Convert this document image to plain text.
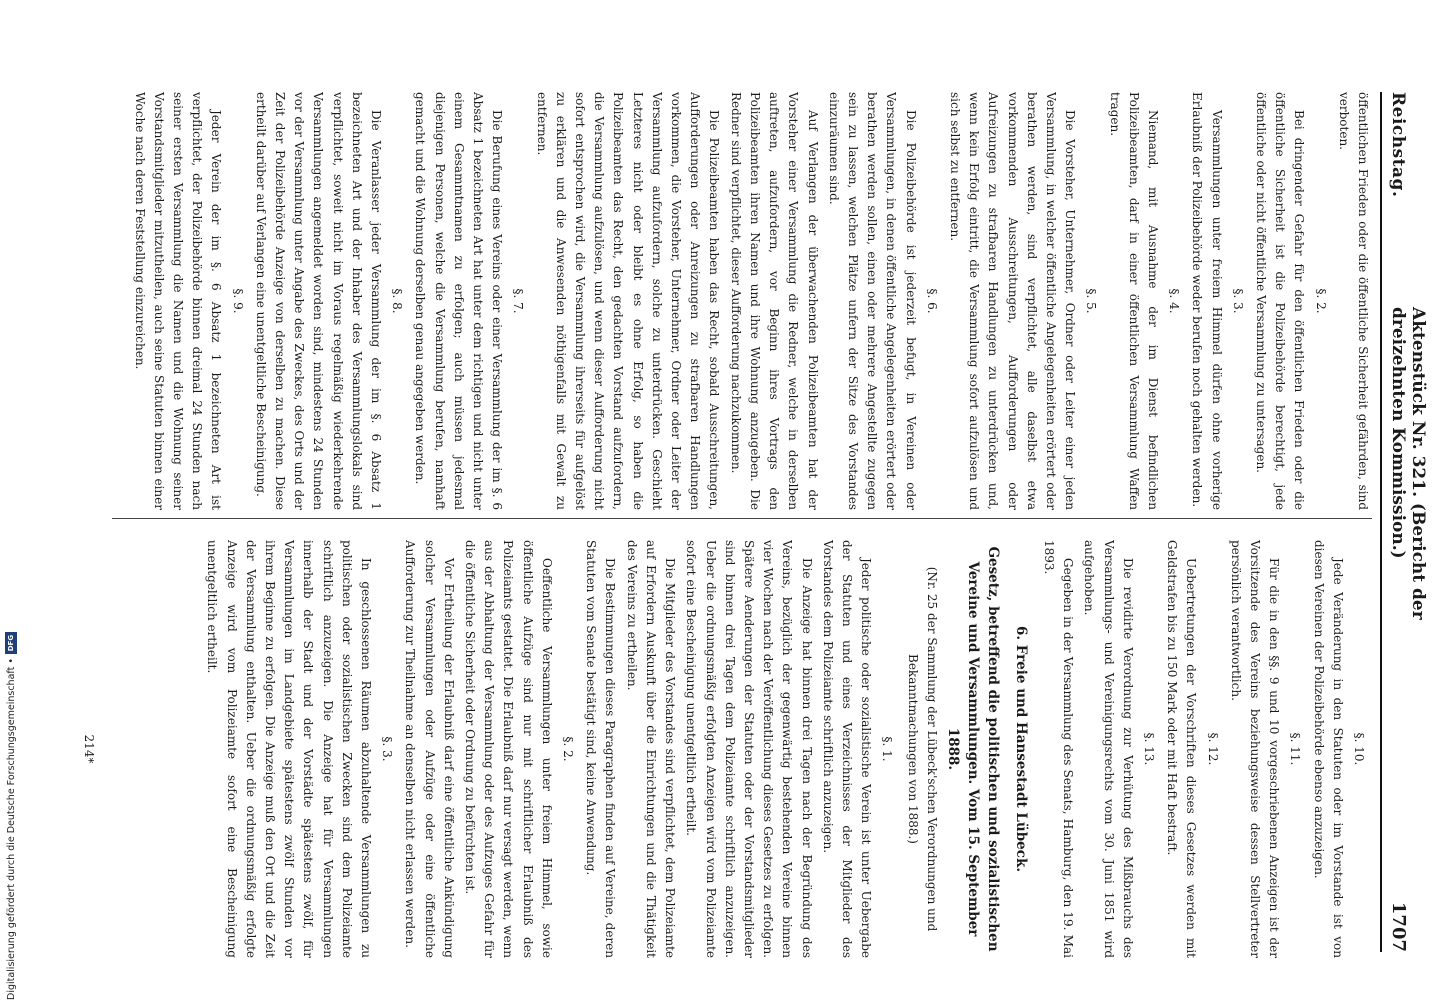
Reichstag.
Aktenstück Nr. 321. (Bericht der dreizehnten Kommission.)
1707

öffentlichen Frieden oder die öffentliche Sicherheit gefährden, sind verboten.

§. 2.

Bei dringender Gefahr für den öffentlichen Frieden oder die öffentliche Sicherheit ist die Polizeibehörde berechtigt, jede öffentliche oder nicht öffentliche Versammlung zu untersagen.

§. 3.

Versammlungen unter freiem Himmel dürfen ohne vorherige Erlaubniß der Polizeibehörde weder berufen noch gehalten werden.

§. 4.

Niemand, mit Ausnahme der im Dienst befindlichen Polizeibeamten, darf in einer öffentlichen Versammlung Waffen tragen.

§. 5.

Die Vorsteher, Unternehmer, Ordner oder Leiter einer jeden Versammlung, in welcher öffentliche Angelegenheiten erörtert oder berathen werden, sind verpflichtet, alle daselbst etwa vorkommenden Ausschreitungen, Aufforderungen oder Aufreizungen zu strafbaren Handlungen zu unterdrücken und, wenn kein Erfolg eintritt, die Versammlung sofort aufzulösen und sich selbst zu entfernen.

§. 6.

Die Polizeibehörde ist jederzeit befugt, in Vereinen oder Versammlungen, in denen öffentliche Angelegenheiten erörtert oder berathen werden sollen, einen oder mehrere Angestellte zugegen sein zu lassen, welchen Plätze unfern der Sitze des Vorstandes einzuräumen sind.

Auf Verlangen der überwachenden Polizeibeamten hat der Vorsteher einer Versammlung die Redner, welche in derselben auftreten, aufzufordern, vor Beginn ihres Vortrags den Polizeibeamten ihren Namen und ihre Wohnung anzugeben. Die Redner sind verpflichtet, dieser Aufforderung nachzukommen.

Die Polizeibeamten haben das Recht, sobald Ausschreitungen, Aufforderungen oder Anreizungen zu strafbaren Handlungen vorkommen, die Vorsteher, Unternehmer, Ordner oder Leiter der Versammlung aufzufordern, solche zu unterdrücken. Geschieht Letzteres nicht oder bleibt es ohne Erfolg, so haben die Polizeibeamten das Recht, den gedachten Vorstand aufzufordern, die Versammlung aufzulösen, und wenn dieser Aufforderung nicht sofort entsprochen wird, die Versammlung ihrerseits für aufgelöst zu erklären und die Anwesenden nöthigenfalls mit Gewalt zu entfernen.

§. 7.

Die Berufung eines Vereins oder einer Versammlung der im §. 6 Absatz 1 bezeichneten Art hat unter dem richtigen und nicht unter einem Gesammtnamen zu erfolgen; auch müssen jedesmal diejenigen Personen, welche die Versammlung berufen, namhaft gemacht und die Wohnung derselben genau angegeben werden.

§. 8.

Die Veranlasser jeder Versammlung der im §. 6 Absatz 1 bezeichneten Art und der Inhaber des Versammlungslokals sind verpflichtet, soweit nicht im Voraus regelmäßig wiederkehrende Versammlungen angemeldet worden sind, mindestens 24 Stunden vor der Versammlung unter Angabe des Zweckes, des Orts und der Zeit der Polizeibehörde Anzeige von derselben zu machen. Diese ertheilt darüber auf Verlangen eine unentgeltliche Bescheinigung.

§. 9.

Jeder Verein der im §. 6 Absatz 1 bezeichneten Art ist verpflichtet, der Polizeibehörde binnen dreimal 24 Stunden nach seiner ersten Versammlung die Namen und die Wohnung seiner Vorstandsmitglieder mitzutheilen, auch seine Statuten binnen einer Woche nach deren Feststellung einzureichen.

§. 10.

Jede Veränderung in den Statuten oder im Vorstande ist von diesen Vereinen der Polizeibehörde ebenso anzuzeigen.

§. 11.

Für die in den §§. 9 und 10 vorgeschriebenen Anzeigen ist der Vorsitzende des Vereins beziehungsweise dessen Stellvertreter persönlich verantwortlich.

§. 12.

Uebertretungen der Vorschriften dieses Gesetzes werden mit Geldstrafen bis zu 150 Mark oder mit Haft bestraft.

§. 13.

Die revidirte Verordnung zur Verhütung des Mißbrauchs des Versammlungs- und Vereinigungsrechts vom 30. Juni 1851 wird aufgehoben.

Gegeben in der Versammlung des Senats, Hamburg, den 19. Mai 1893.

6. Freie und Hansestadt Lübeck.
Gesetz, betreffend die politischen und sozialistischen Vereine und Versammlungen. Vom 15. September 1888.
(Nr. 25 der Sammlung der Lübeck'schen Verordnungen und Bekanntmachungen von 1888.)
§. 1.

Jeder politische oder sozialistische Verein ist unter Uebergabe der Statuten und eines Verzeichnisses der Mitglieder des Vorstandes dem Polizeiamte schriftlich anzuzeigen.

Die Anzeige hat binnen drei Tagen nach der Begründung des Vereins, bezüglich der gegenwärtig bestehenden Vereine binnen vier Wochen nach der Veröffentlichung dieses Gesetzes zu erfolgen. Spätere Aenderungen der Statuten oder der Vorstandsmitglieder sind binnen drei Tagen dem Polizeiamte schriftlich anzuzeigen. Ueber die ordnungsmäßig erfolgten Anzeigen wird vom Polizeiamte sofort eine Bescheinigung unentgeltlich ertheilt.

Die Mitglieder des Vorstandes sind verpflichtet, dem Polizeiamte auf Erfordern Auskunft über die Einrichtungen und die Thätigkeit des Vereins zu ertheilen.

Die Bestimmungen dieses Paragraphen finden auf Vereine, deren Statuten vom Senate bestätigt sind, keine Anwendung.

§. 2.

Oeffentliche Versammlungen unter freiem Himmel, sowie öffentliche Aufzüge sind nur mit schriftlicher Erlaubniß des Polizeiamts gestattet. Die Erlaubniß darf nur versagt werden, wenn aus der Abhaltung der Versammlung oder des Aufzuges Gefahr für die öffentliche Sicherheit oder Ordnung zu befürchten ist.

Vor Ertheilung der Erlaubniß darf eine öffentliche Ankündigung solcher Versammlungen oder Aufzüge oder eine öffentliche Aufforderung zur Theilnahme an denselben nicht erlassen werden.

§. 3.

In geschlossenen Räumen abzuhaltende Versammlungen zu politischen oder sozialistischen Zwecken sind dem Polizeiamte schriftlich anzuzeigen. Die Anzeige hat für Versammlungen innerhalb der Stadt und der Vorstädte spätestens zwölf, für Versammlungen im Landgebiete spätestens zwölf Stunden vor ihrem Beginne zu erfolgen. Die Anzeige muß den Ort und die Zeit der Versammlung enthalten. Ueber die ordnungsmäßig erfolgte Anzeige wird vom Polizeiamte sofort eine Bescheinigung unentgeltlich ertheilt.

214*
Digitalisierung gefördert durch die Deutsche Forschungsgemeinschaft •
DFG
